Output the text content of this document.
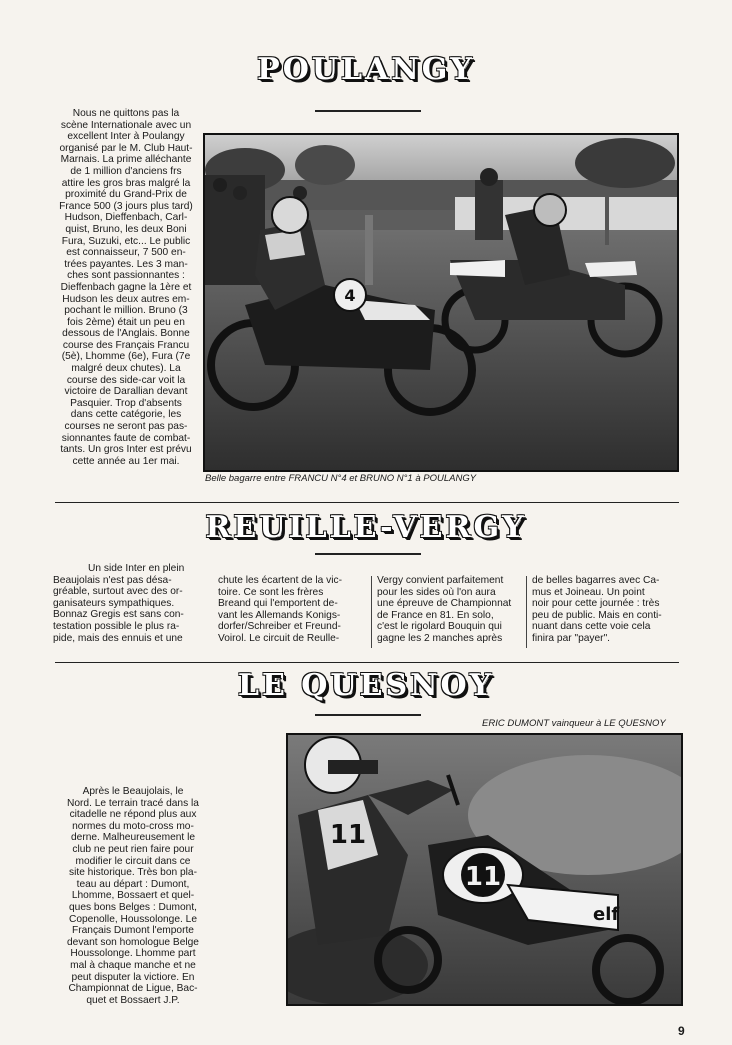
POULANGY

Nous ne quittons pas la
scène Internationale avec un
excellent Inter à Poulangy
organisé par le M. Club Haut-
Marnais. La prime alléchante
de 1 million d'anciens frs
attire les gros bras malgré la
proximité du Grand-Prix de
France 500 (3 jours plus tard)
Hudson, Dieffenbach, Carl-
quist, Bruno, les deux Boni
Fura, Suzuki, etc... Le public
est connaisseur, 7 500 en-
trées payantes. Les 3 man-
ches sont passionnantes :
Dieffenbach gagne la 1ère et
Hudson les deux autres em-
pochant le million. Bruno (3
fois 2ème) était un peu en
dessous de l'Anglais. Bonne
course des Français Francu
(5è), Lhomme (6e), Fura (7e
malgré deux chutes). La
course des side-car voit la
victoire de Darallian devant
Pasquier. Trop d'absents
dans cette catégorie, les
courses ne seront pas pas-
sionnantes faute de combat-
tants. Un gros Inter est prévu
cette année au 1er mai.

4
Belle bagarre entre FRANCU N°4 et BRUNO N°1 à POULANGY
REUILLE-VERGY

Un side Inter en plein
Beaujolais n'est pas désa-
gréable, surtout avec des or-
ganisateurs sympathiques.
Bonnaz Gregis est sans con-
testation possible le plus ra-
pide, mais des ennuis et une

chute les écartent de la vic-
toire. Ce sont les frères
Breand qui l'emportent de-
vant les Allemands Konigs-
dorfer/Schreiber et Freund-
Voirol. Le circuit de Reulle-

Vergy convient parfaitement
pour les sides où l'on aura
une épreuve de Championnat
de France en 81. En solo,
c'est le rigolard Bouquin qui
gagne les 2 manches après

de belles bagarres avec Ca-
mus et Joineau. Un point
noir pour cette journée : très
peu de public. Mais en conti-
nuant dans cette voie cela
finira par "payer".

LE QUESNOY
ERIC DUMONT vainqueur à LE QUESNOY

Après le Beaujolais, le
Nord. Le terrain tracé dans la
citadelle ne répond plus aux
normes du moto-cross mo-
derne. Malheureusement le
club ne peut rien faire pour
modifier le circuit dans ce
site historique. Très bon pla-
teau au départ : Dumont,
Lhomme, Bossaert et quel-
ques bons Belges : Dumont,
Copenolle, Houssolonge. Le
Français Dumont l'emporte
devant son homologue Belge
Houssolonge. Lhomme part
mal à chaque manche et ne
peut disputer la victiore. En
Championnat de Ligue, Bac-
quet et Bossaert J.P.

11
11
elf
9
